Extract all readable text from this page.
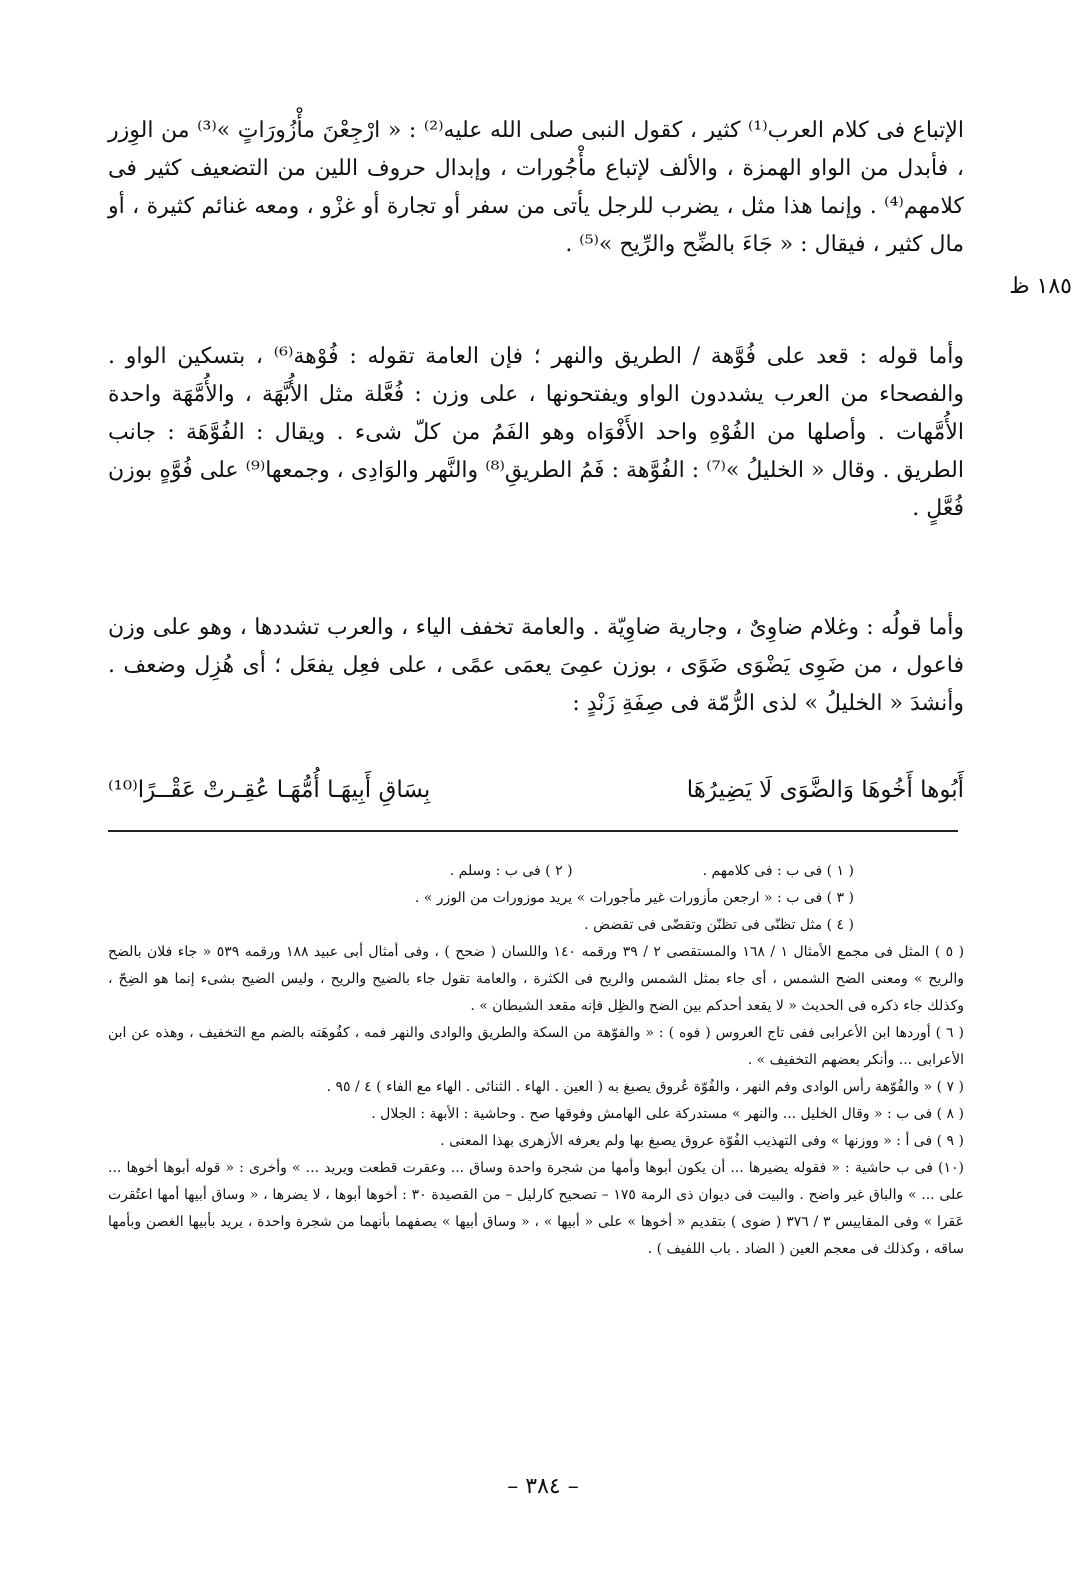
الإتباع فى كلام العرب⁽¹⁾ كثير ، كقول النبى صلى الله عليه⁽²⁾ : « ارْجِعْنَ مأْزُورَاتٍ »⁽³⁾ من الوِزر ، فأبدل من الواو الهمزة ، والألف لإتباع مأْجُورات ، وإبدال حروف اللين من التضعيف كثير فى كلامهم⁽⁴⁾ . وإنما هذا مثل ، يضرب للرجل يأتى من سفر أو تجارة أو غزْو ، ومعه غنائم كثيرة ، أو مال كثير ، فيقال : « جَاءَ بالضِّح والرِّيح »⁽⁵⁾ .

١٨٥ ظ

وأما قوله : قعد على فُوَّهة / الطريق والنهر ؛ فإن العامة تقوله : فُوْهة⁽⁶⁾ ، بتسكين الواو . والفصحاء من العرب يشددون الواو ويفتحونها ، على وزن : فُعَّلة مثل الأُبَّهَة ، والأُمَّهَة واحدة الأُمَّهات . وأصلها من الفُوْهِ واحد الأَفْوَاه وهو الفَمُ من كلّ شىء . ويقال : الفُوَّهَة : جانب الطريق . وقال « الخليلُ »⁽⁷⁾ : الفُوَّهة : فَمُ الطريقِ⁽⁸⁾ والنَّهر والوَادِى ، وجمعها⁽⁹⁾ على فُوَّهٍ بوزن فُعَّلٍ .

وأما قولُه : وغلام ضاوِىٌ ، وجارية ضاوِيّة . والعامة تخفف الياء ، والعرب تشددها ، وهو على وزن فاعول ، من ضَوِى يَضْوَى ضَوًى ، بوزن عمِىَ يعمَى عمًى ، على فعِل يفعَل ؛ أى هُزِل وضعف . وأنشدَ « الخليلُ » لذى الرُّمّة فى صِفَةِ زَنْدٍ :

أَبُوها أَخُوهَا وَالضَّوَى لَا يَضِيرُهَا
بِسَاقِ أَبِيهَـا أُمُّهَـا عُقِـرتْ عَقْــرًا⁽¹⁰⁾

( ١ ) فى ب : فى كلامهم .

( ٢ ) فى ب : وسلم .

( ٣ ) فى ب : « ارجعن مأزورات غير مأجورات » يريد موزورات من الوزر » .

( ٤ ) مثل تظنّى فى تظنّن وتقضّى فى تقضض .

( ٥ ) المثل فى مجمع الأمثال ١ / ١٦٨ والمستقصى ٢ / ٣٩ ورقمه ١٤٠ واللسان ( ضحح ) ، وفى أمثال أبى عبيد ١٨٨ ورقمه ٥٣٩ « جاء فلان بالضح والريح » ومعنى الضح الشمس ، أى جاء بمثل الشمس والريح فى الكثرة ، والعامة تقول جاء بالضيح والريح ، وليس الضيح بشىء إنما هو الضِحّ ، وكذلك جاء ذكره فى الحديث « لا يقعد أحدكم بين الضح والظِل فإنه مقعد الشيطان » .

( ٦ ) أوردها ابن الأعرابى ففى تاج العروس ( فوه ) : « والفوّهة من السكة والطريق والوادى والنهر فمه ، كفُوهَته بالضم مع التخفيف ، وهذه عن ابن الأعرابى ... وأنكر بعضهم التخفيف » .

( ٧ ) « والفُوّهة رأس الوادى وفم النهر ، والفُوّة عُروق يصبغ به ( العين . الهاء . الثنائى . الهاء مع الفاء ) ٤ / ٩٥ .

( ٨ ) فى ب : « وقال الخليل ... والنهر » مستدركة على الهامش وفوقها صح . وحاشية : الأبهة : الجلال .

( ٩ ) فى أ : « ووزنها » وفى التهذيب الفُوّة عروق يصبغ بها ولم يعرفه الأزهرى بهذا المعنى .

(١٠) فى ب حاشية : « فقوله يضيرها ... أن يكون أبوها وأمها من شجرة واحدة وساق ... وعقرت قطعت ويريد ... » وأخرى : « قوله أبوها أخوها ... على ... » والباق غير واضح . والبيت فى ديوان ذى الرمة ١٧٥ – تصحيح كارليل – من القصيدة ٣٠ : أخوها أبوها ، لا يضرها ، « وساق أبيها أمها اعتُقرت عَقرا » وفى المقاييس ٣ / ٣٧٦ ( ضوى ) بتقديم « أخوها » على « أبيها » ، « وساق أبيها » يصفهما بأنهما من شجرة واحدة ، يريد بأبيها الغصن وبأمها ساقه ، وكذلك فى معجم العين ( الضاد . باب اللفيف ) .

– ٣٨٤ –
